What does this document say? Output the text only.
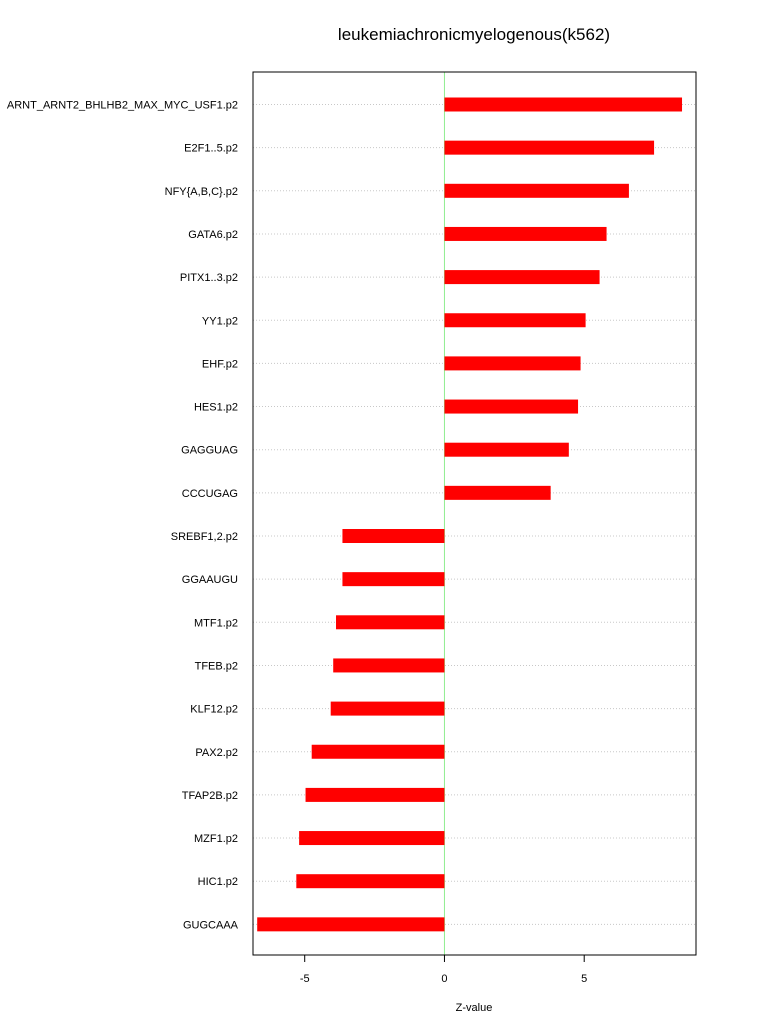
leukemiachronicmyelogenous(k562)
ARNT_ARNT2_BHLHB2_MAX_MYC_USF1.p2
E2F1..5.p2
NFY{A,B,C}.p2
GATA6.p2
PITX1..3.p2
YY1.p2
EHF.p2
HES1.p2
GAGGUAG
CCCUGAG
SREBF1,2.p2
GGAAUGU
MTF1.p2
TFEB.p2
KLF12.p2
PAX2.p2
TFAP2B.p2
MZF1.p2
HIC1.p2
GUGCAAA
-5	0	5
Z-value
